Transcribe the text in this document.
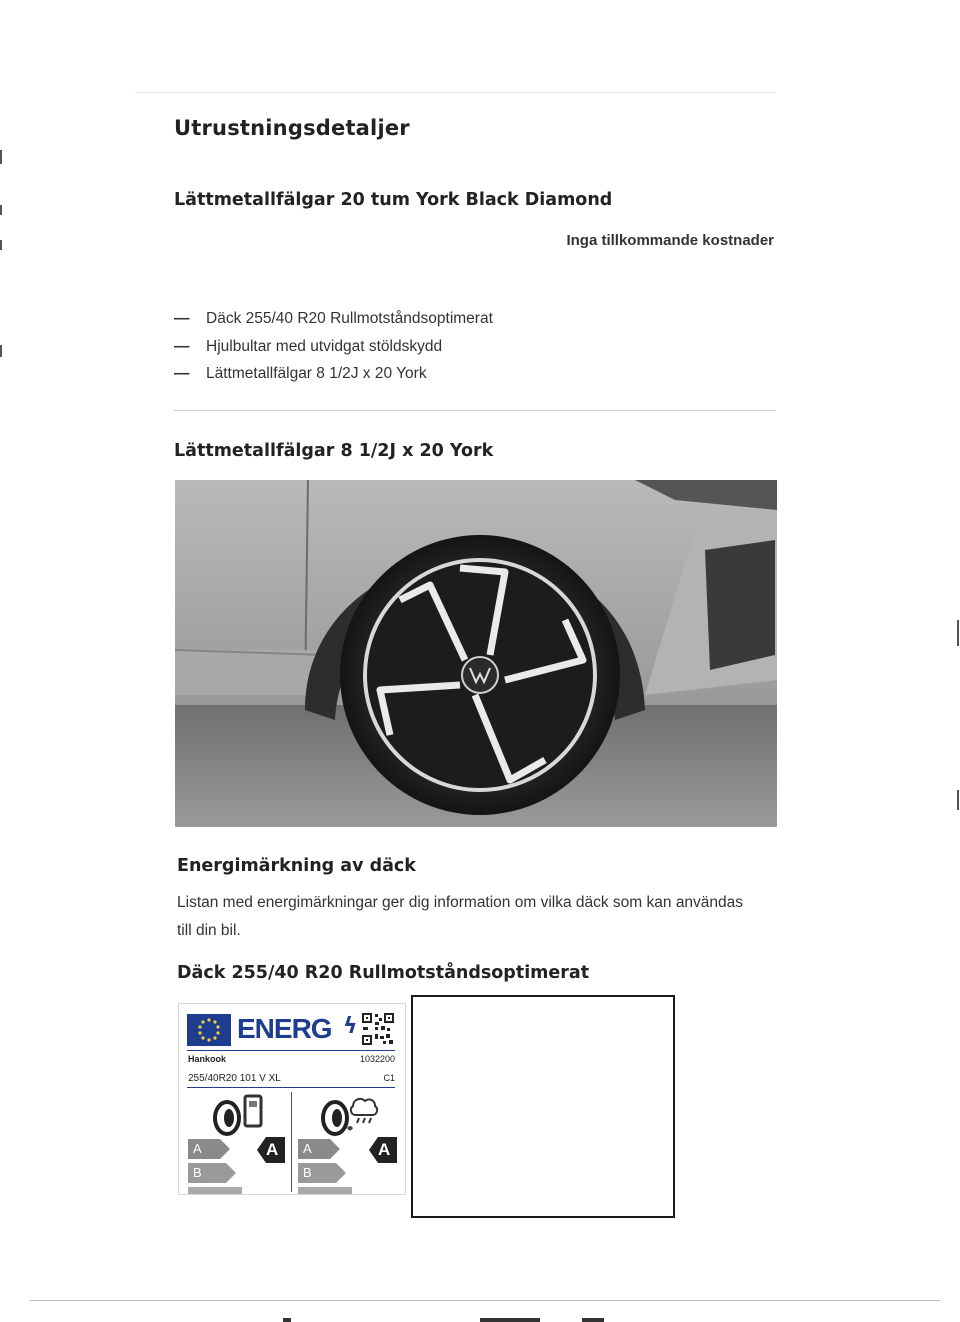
Utrustningsdetaljer
Lättmetallfälgar 20 tum York Black Diamond
Inga tillkommande kostnader
— Däck 255/40 R20 Rullmotståndsoptimerat
— Hjulbultar med utvidgat stöldskydd
— Lättmetallfälgar 8 1/2J x 20 York
Lättmetallfälgar 8 1/2J x 20 York
Energimärkning av däck
Listan med energimärkningar ger dig information om vilka däck som kan användas till din bil.
Däck 255/40 R20 Rullmotståndsoptimerat
ENERG ϟ
Hankook	1032200
255/40R20 101 V XL	C1
A
B
A A
B
A
